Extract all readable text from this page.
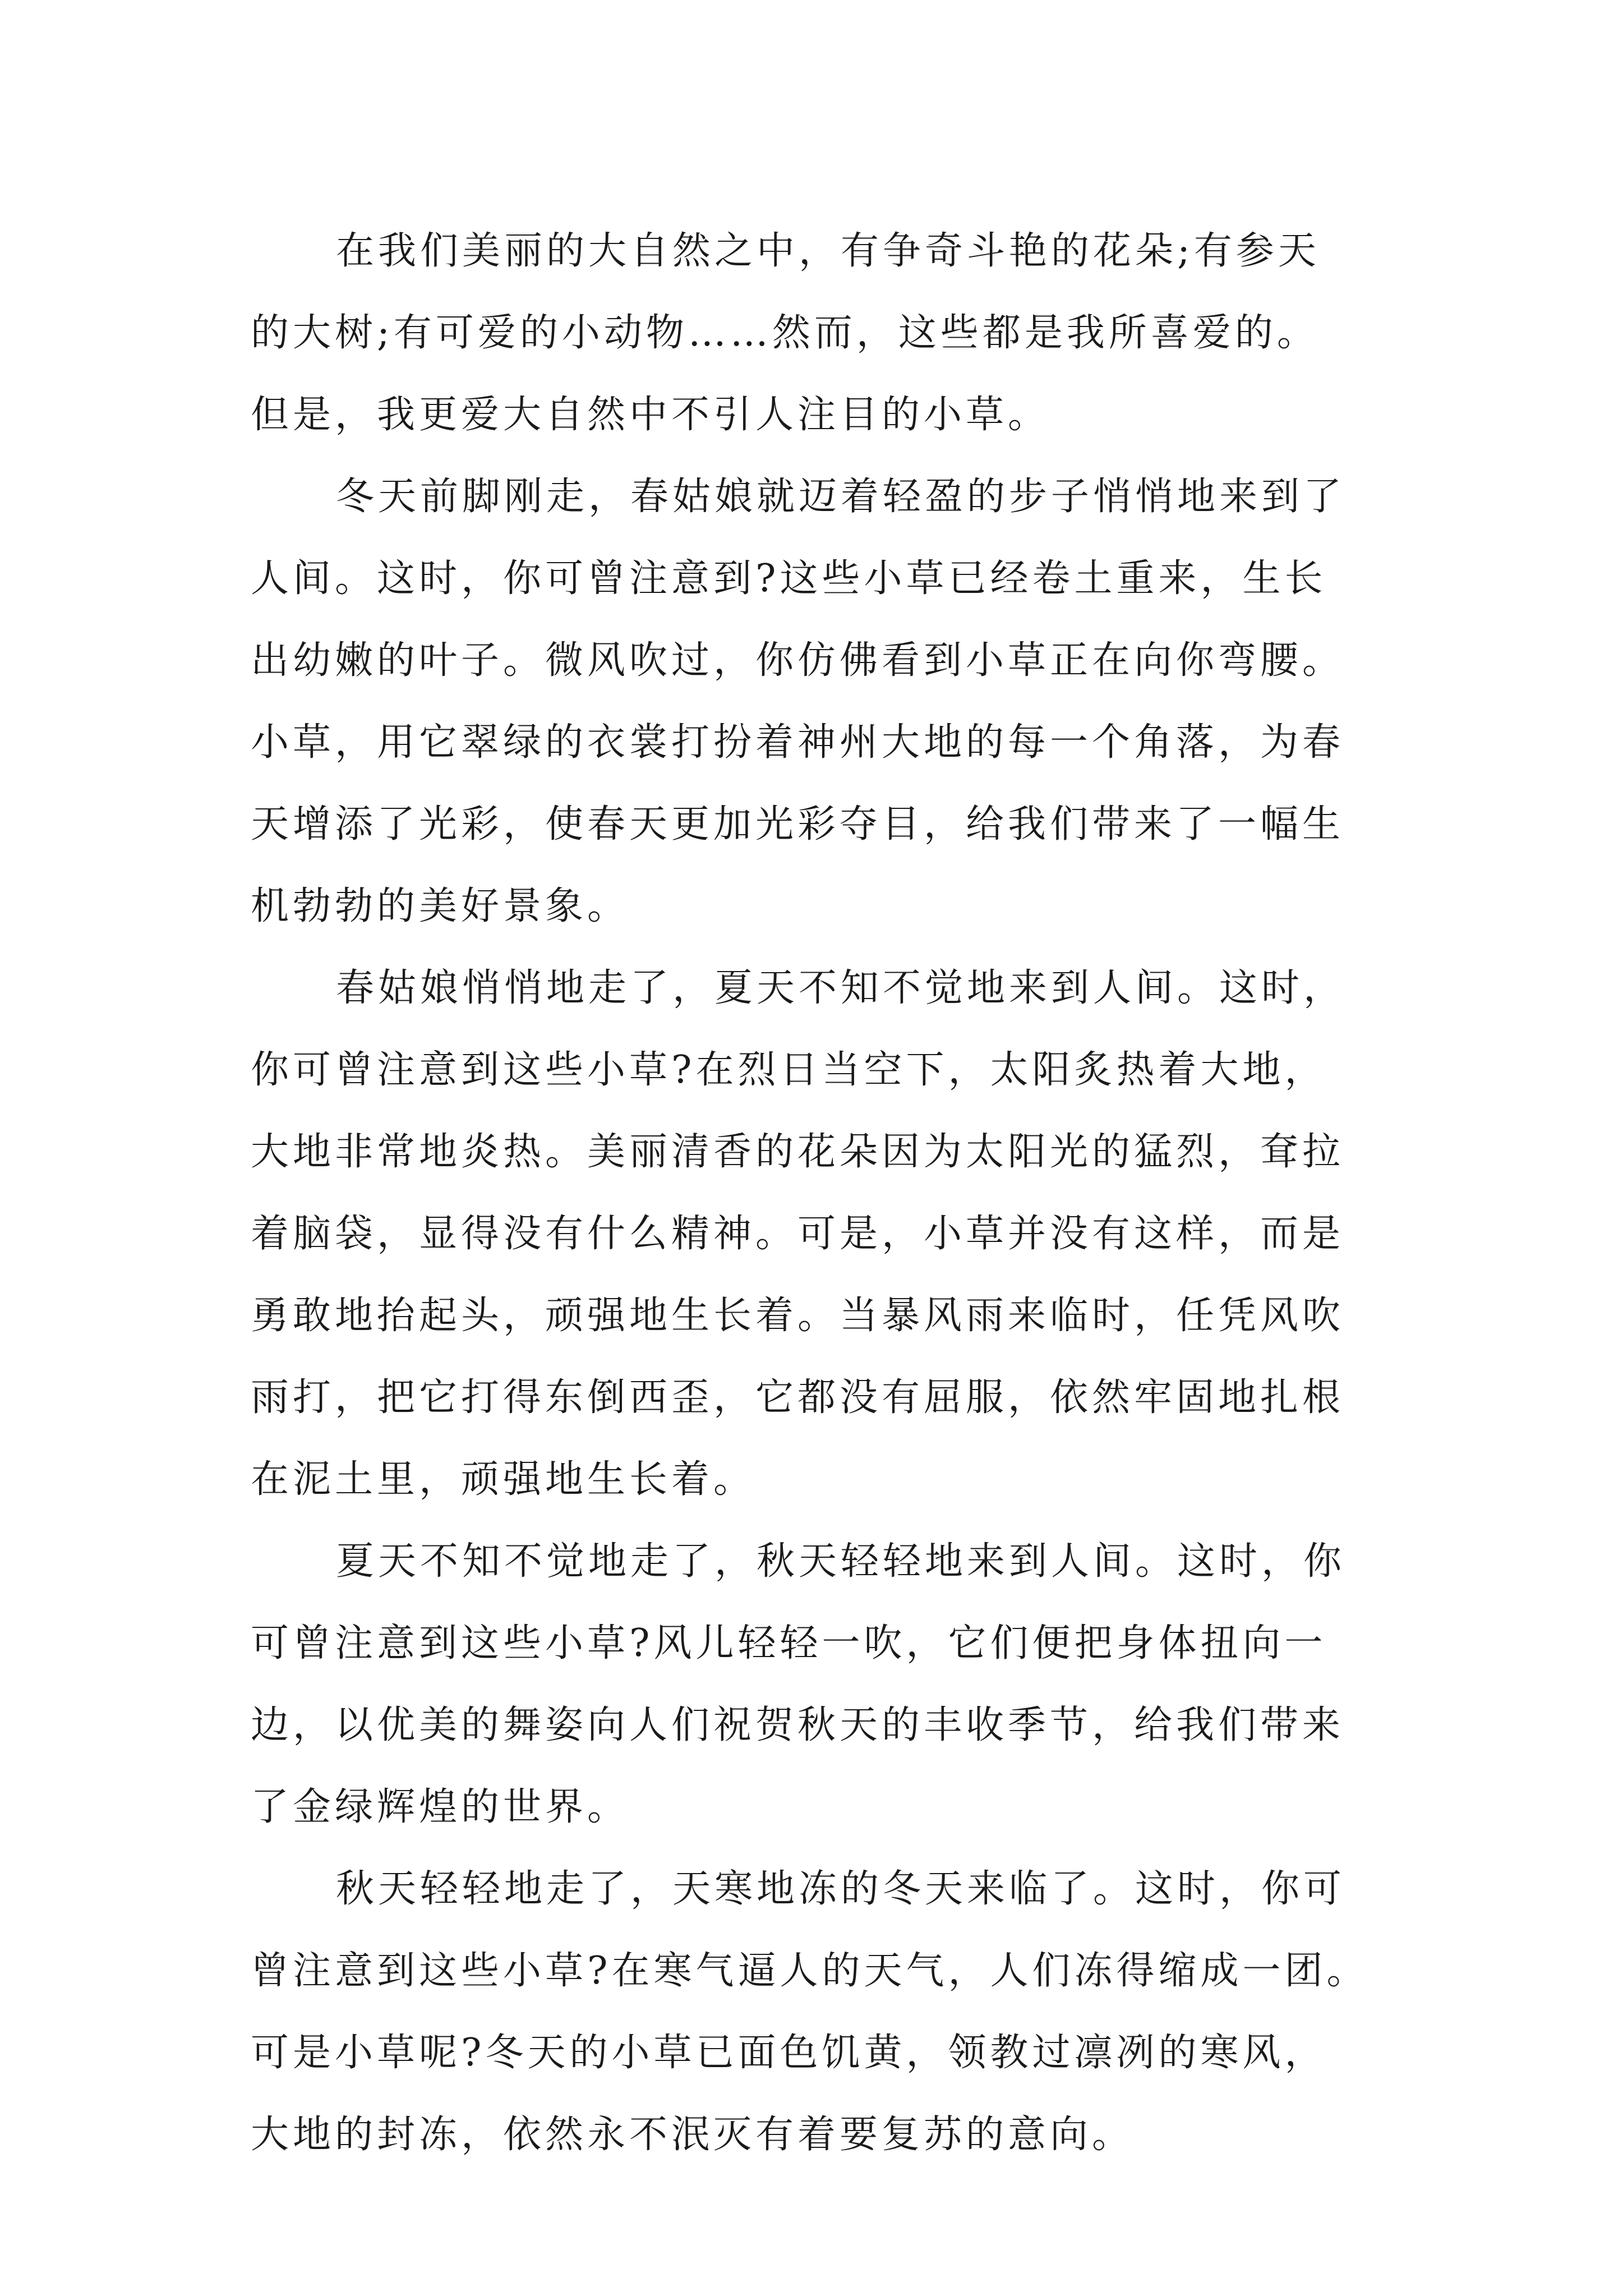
在我们美丽的大自然之中，有争奇斗艳的花朵;有参天
的大树;有可爱的小动物……然而，这些都是我所喜爱的。
但是，我更爱大自然中不引人注目的小草。
冬天前脚刚走，春姑娘就迈着轻盈的步子悄悄地来到了
人间。这时，你可曾注意到?这些小草已经卷土重来，生长
出幼嫩的叶子。微风吹过，你仿佛看到小草正在向你弯腰。
小草，用它翠绿的衣裳打扮着神州大地的每一个角落，为春
天增添了光彩，使春天更加光彩夺目，给我们带来了一幅生
机勃勃的美好景象。
春姑娘悄悄地走了，夏天不知不觉地来到人间。这时，
你可曾注意到这些小草?在烈日当空下，太阳炙热着大地，
大地非常地炎热。美丽清香的花朵因为太阳光的猛烈，耷拉
着脑袋，显得没有什么精神。可是，小草并没有这样，而是
勇敢地抬起头，顽强地生长着。当暴风雨来临时，任凭风吹
雨打，把它打得东倒西歪，它都没有屈服，依然牢固地扎根
在泥土里，顽强地生长着。
夏天不知不觉地走了，秋天轻轻地来到人间。这时，你
可曾注意到这些小草?风儿轻轻一吹，它们便把身体扭向一
边，以优美的舞姿向人们祝贺秋天的丰收季节，给我们带来
了金绿辉煌的世界。
秋天轻轻地走了，天寒地冻的冬天来临了。这时，你可
曾注意到这些小草?在寒气逼人的天气，人们冻得缩成一团。
可是小草呢?冬天的小草已面色饥黄，领教过凛冽的寒风，
大地的封冻，依然永不泯灭有着要复苏的意向。
